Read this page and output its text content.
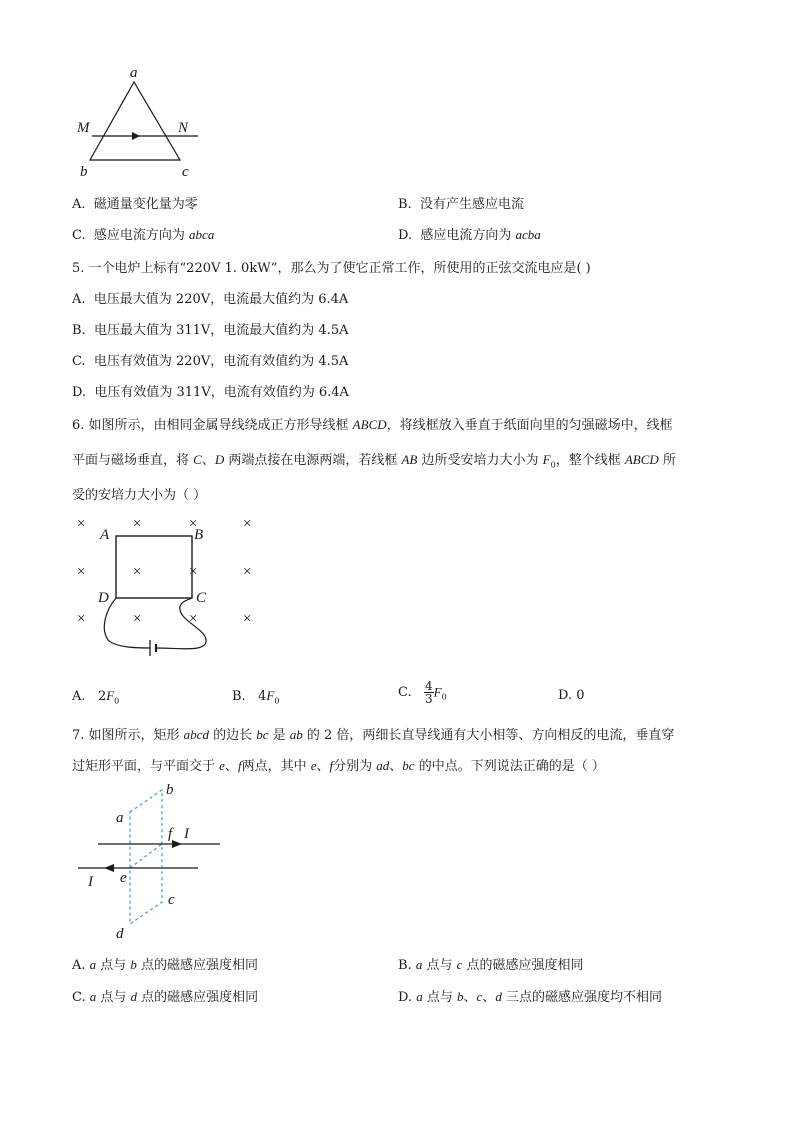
a
M	N
b	c
A. 磁通量变化量为零	B. 没有产生感应电流
C. 感应电流方向为 abca	D. 感应电流方向为 acba
5. 一个电炉上标有“220V 1. 0kW”，那么为了使它正常工作，所使用的正弦交流电应是( )
A. 电压最大值为 220V，电流最大值约为 6.4A
B. 电压最大值为 311V，电流最大值约为 4.5A
C. 电压有效值为 220V，电流有效值约为 4.5A
D. 电压有效值为 311V，电流有效值约为 6.4A
6. 如图所示，由相同金属导线绕成正方形导线框 ABCD，将线框放入垂直于纸面向里的匀强磁场中，线框
平面与磁场垂直，将 C、D 两端点接在电源两端，若线框 AB 边所受安培力大小为 $F_0$，整个线框 ABCD 所
受的安培力大小为（ ）
×	×	×	×
×	×	×	×
×	×	×	×
A	B
D	C
A. $2F_0$	B. $4F_0$
C. $\frac{4}{3} F_0$	D. 0
7. 如图所示，矩形 abcd 的边长 bc 是 ab 的 2 倍，两细长直导线通有大小相等、方向相反的电流，垂直穿
过矩形平面，与平面交于 e、f两点，其中 e、f分别为 ad、bc 的中点。下列说法正确的是（ ）
a
b
f I
e
I
c
d
A. a 点与 b 点的磁感应强度相同	B. a 点与 c 点的磁感应强度相同
C. a 点与 d 点的磁感应强度相同	D. a 点与 b、c、d 三点的磁感应强度均不相同
